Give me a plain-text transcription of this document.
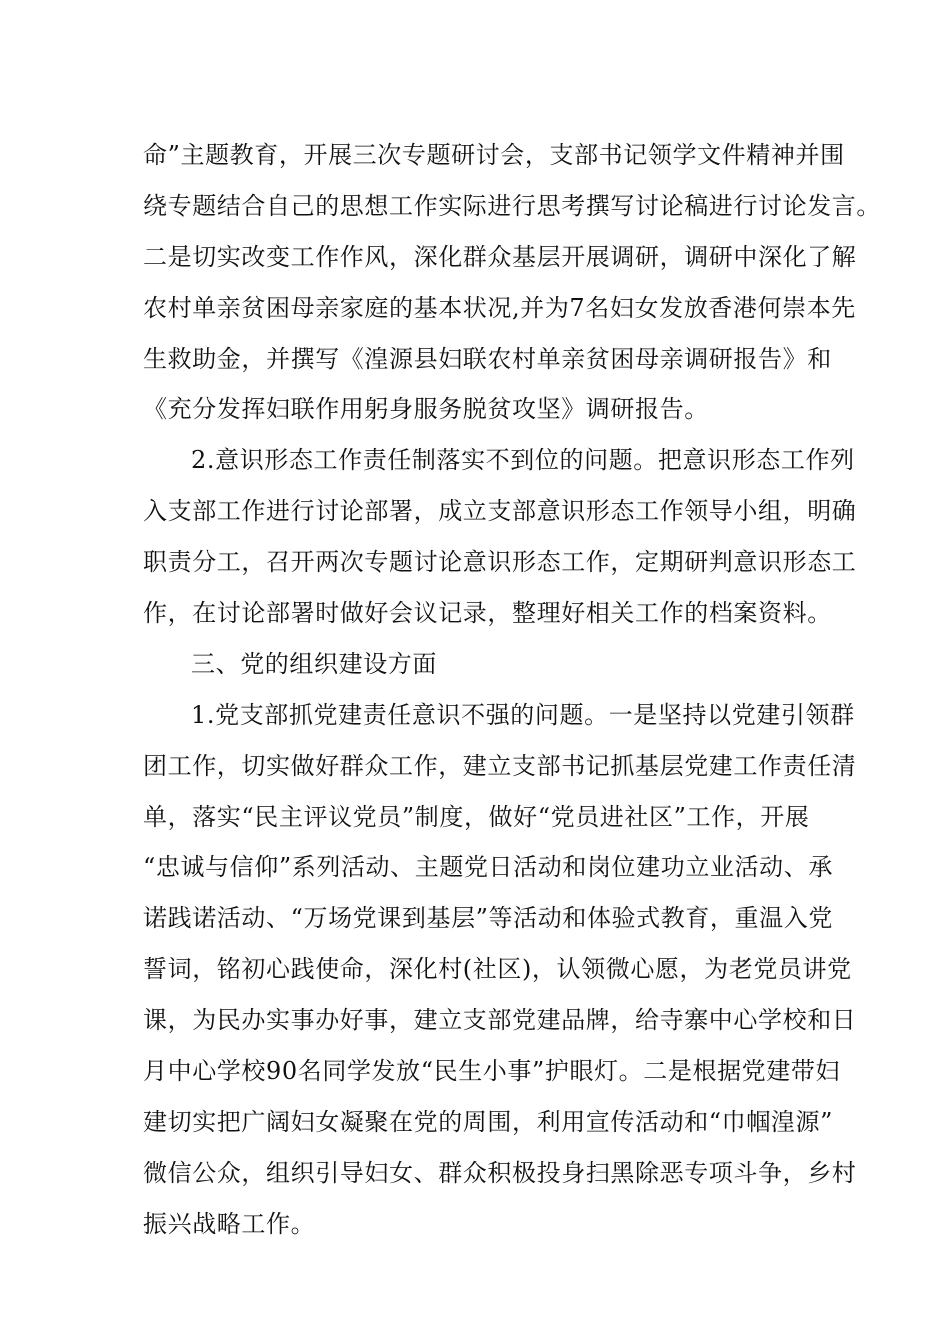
命”主题教育，开展三次专题研讨会，支部书记领学文件精神并围
绕专题结合自己的思想工作实际进行思考撰写讨论稿进行讨论发言。
二是切实改变工作作风，深化群众基层开展调研，调研中深化了解
农村单亲贫困母亲家庭的基本状况,并为7名妇女发放香港何崇本先
生救助金，并撰写《湟源县妇联农村单亲贫困母亲调研报告》和
《充分发挥妇联作用躬身服务脱贫攻坚》调研报告。
2.意识形态工作责任制落实不到位的问题。把意识形态工作列
入支部工作进行讨论部署，成立支部意识形态工作领导小组，明确
职责分工，召开两次专题讨论意识形态工作，定期研判意识形态工
作，在讨论部署时做好会议记录，整理好相关工作的档案资料。
三、党的组织建设方面
1.党支部抓党建责任意识不强的问题。一是坚持以党建引领群
团工作，切实做好群众工作，建立支部书记抓基层党建工作责任清
单，落实“民主评议党员”制度，做好“党员进社区”工作，开展
“忠诚与信仰”系列活动、主题党日活动和岗位建功立业活动、承
诺践诺活动、“万场党课到基层”等活动和体验式教育，重温入党
誓词，铭初心践使命，深化村(社区)，认领微心愿，为老党员讲党
课，为民办实事办好事，建立支部党建品牌，给寺寨中心学校和日
月中心学校90名同学发放“民生小事”护眼灯。二是根据党建带妇
建切实把广阔妇女凝聚在党的周围，利用宣传活动和“巾帼湟源”
微信公众，组织引导妇女、群众积极投身扫黑除恶专项斗争，乡村
振兴战略工作。
